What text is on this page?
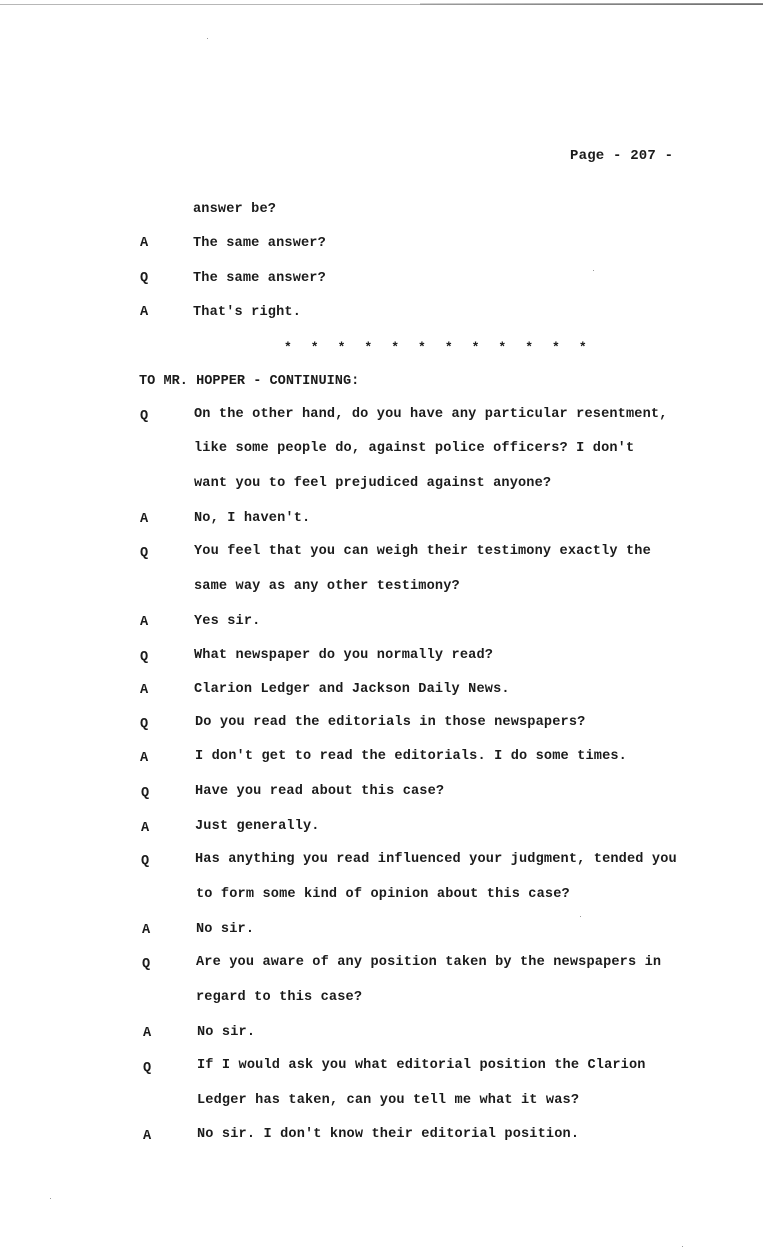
Page - 207 -
answer be?
A	The same answer?
Q	The same answer?
A	That's right.
* * * * * * * * * * * *
TO MR. HOPPER - CONTINUING:
Q	On the other hand, do you have any particular resentment,
like some people do, against police officers? I don't
want you to feel prejudiced against anyone?
A	No, I haven't.
Q	You feel that you can weigh their testimony exactly the
same way as any other testimony?
A	Yes sir.
Q	What newspaper do you normally read?
A	Clarion Ledger and Jackson Daily News.
Q	Do you read the editorials in those newspapers?
A	I don't get to read the editorials. I do some times.
Q	Have you read about this case?
A	Just generally.
Q	Has anything you read influenced your judgment, tended you
to form some kind of opinion about this case?
A	No sir.
Q	Are you aware of any position taken by the newspapers in
regard to this case?
A	No sir.
Q	If I would ask you what editorial position the Clarion
Ledger has taken, can you tell me what it was?
A	No sir. I don't know their editorial position.
